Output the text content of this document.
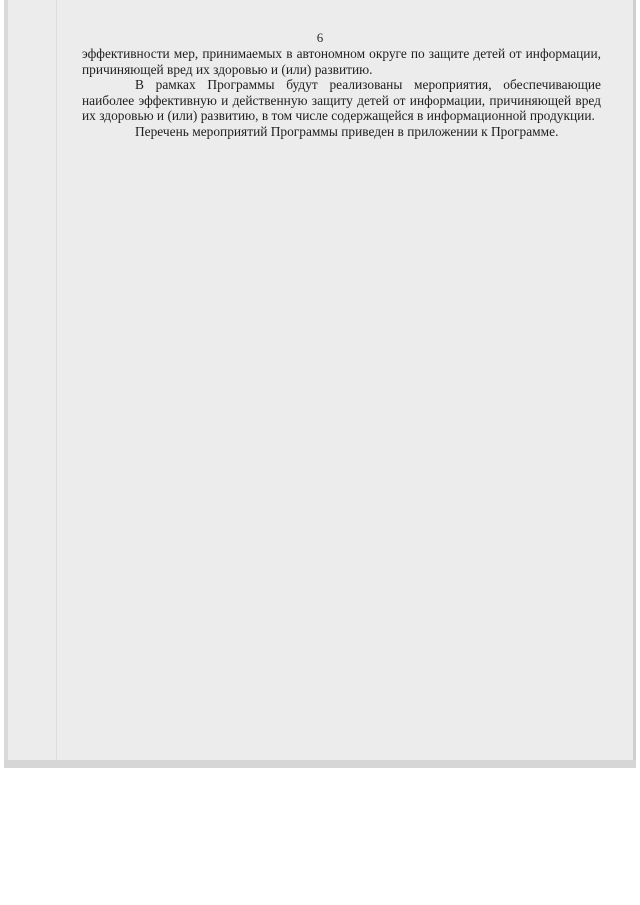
6

эффективности мер, принимаемых в автономном округе по защите детей от информации, причиняющей вред их здоровью и (или) развитию.

В рамках Программы будут реализованы мероприятия, обеспечивающие наиболее эффективную и действенную защиту детей от информации, причиняющей вред их здоровью и (или) развитию, в том числе содержащейся в информационной продукции.

Перечень мероприятий Программы приведен в приложении к Программе.
